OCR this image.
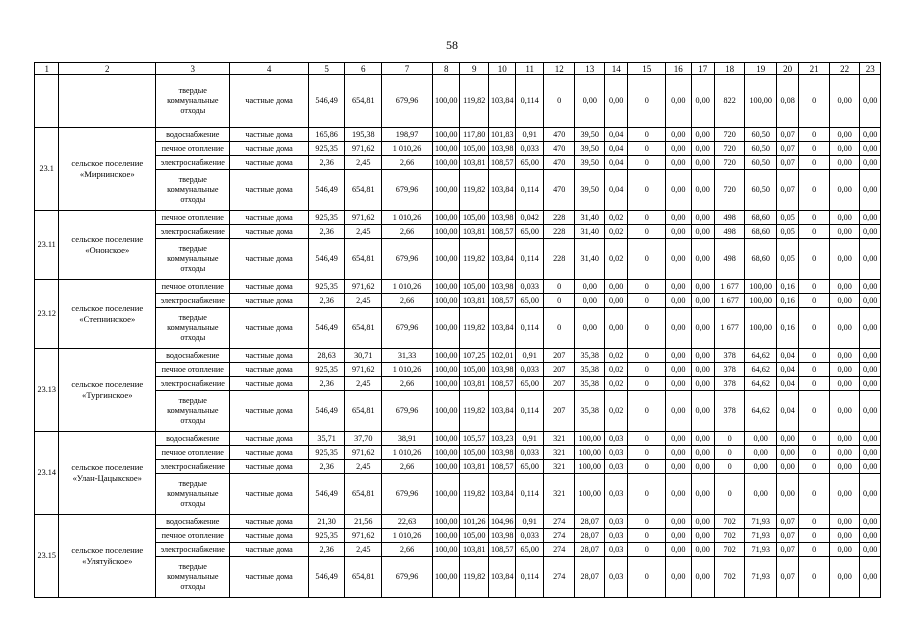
58
1	2	3	4	5	6	7	8	9	10	11	12	13	14	15	16	17	18	19	20	21	22	23
		твердые коммунальные отходы	частные дома	546,49	654,81	679,96	100,00	119,82	103,84	0,114	0	0,00	0,00	0	0,00	0,00	822	100,00	0,08	0	0,00	0,00
23.1	сельское поселение «Мирнинское»	водоснабжение	частные дома	165,86	195,38	198,97	100,00	117,80	101,83	0,91	470	39,50	0,04	0	0,00	0,00	720	60,50	0,07	0	0,00	0,00
		печное отопление	частные дома	925,35	971,62	1 010,26	100,00	105,00	103,98	0,033	470	39,50	0,04	0	0,00	0,00	720	60,50	0,07	0	0,00	0,00
		электроснабжение	частные дома	2,36	2,45	2,66	100,00	103,81	108,57	65,00	470	39,50	0,04	0	0,00	0,00	720	60,50	0,07	0	0,00	0,00
		твердые коммунальные отходы	частные дома	546,49	654,81	679,96	100,00	119,82	103,84	0,114	470	39,50	0,04	0	0,00	0,00	720	60,50	0,07	0	0,00	0,00
23.11	сельское поселение «Ононское»	печное отопление	частные дома	925,35	971,62	1 010,26	100,00	105,00	103,98	0,042	228	31,40	0,02	0	0,00	0,00	498	68,60	0,05	0	0,00	0,00
		электроснабжение	частные дома	2,36	2,45	2,66	100,00	103,81	108,57	65,00	228	31,40	0,02	0	0,00	0,00	498	68,60	0,05	0	0,00	0,00
		твердые коммунальные отходы	частные дома	546,49	654,81	679,96	100,00	119,82	103,84	0,114	228	31,40	0,02	0	0,00	0,00	498	68,60	0,05	0	0,00	0,00
23.12	сельское поселение «Степнинское»	печное отопление	частные дома	925,35	971,62	1 010,26	100,00	105,00	103,98	0,033	0	0,00	0,00	0	0,00	0,00	1 677	100,00	0,16	0	0,00	0,00
		электроснабжение	частные дома	2,36	2,45	2,66	100,00	103,81	108,57	65,00	0	0,00	0,00	0	0,00	0,00	1 677	100,00	0,16	0	0,00	0,00
		твердые коммунальные отходы	частные дома	546,49	654,81	679,96	100,00	119,82	103,84	0,114	0	0,00	0,00	0	0,00	0,00	1 677	100,00	0,16	0	0,00	0,00
23.13	сельское поселение «Тургинское»	водоснабжение	частные дома	28,63	30,71	31,33	100,00	107,25	102,01	0,91	207	35,38	0,02	0	0,00	0,00	378	64,62	0,04	0	0,00	0,00
		печное отопление	частные дома	925,35	971,62	1 010,26	100,00	105,00	103,98	0,033	207	35,38	0,02	0	0,00	0,00	378	64,62	0,04	0	0,00	0,00
		электроснабжение	частные дома	2,36	2,45	2,66	100,00	103,81	108,57	65,00	207	35,38	0,02	0	0,00	0,00	378	64,62	0,04	0	0,00	0,00
		твердые коммунальные отходы	частные дома	546,49	654,81	679,96	100,00	119,82	103,84	0,114	207	35,38	0,02	0	0,00	0,00	378	64,62	0,04	0	0,00	0,00
23.14	сельское поселение «Улан-Цацыкское»	водоснабжение	частные дома	35,71	37,70	38,91	100,00	105,57	103,23	0,91	321	100,00	0,03	0	0,00	0,00	0	0,00	0,00	0	0,00	0,00
		печное отопление	частные дома	925,35	971,62	1 010,26	100,00	105,00	103,98	0,033	321	100,00	0,03	0	0,00	0,00	0	0,00	0,00	0	0,00	0,00
		электроснабжение	частные дома	2,36	2,45	2,66	100,00	103,81	108,57	65,00	321	100,00	0,03	0	0,00	0,00	0	0,00	0,00	0	0,00	0,00
		твердые коммунальные отходы	частные дома	546,49	654,81	679,96	100,00	119,82	103,84	0,114	321	100,00	0,03	0	0,00	0,00	0	0,00	0,00	0	0,00	0,00
23.15	сельское поселение «Улятуйское»	водоснабжение	частные дома	21,30	21,56	22,63	100,00	101,26	104,96	0,91	274	28,07	0,03	0	0,00	0,00	702	71,93	0,07	0	0,00	0,00
		печное отопление	частные дома	925,35	971,62	1 010,26	100,00	105,00	103,98	0,033	274	28,07	0,03	0	0,00	0,00	702	71,93	0,07	0	0,00	0,00
		электроснабжение	частные дома	2,36	2,45	2,66	100,00	103,81	108,57	65,00	274	28,07	0,03	0	0,00	0,00	702	71,93	0,07	0	0,00	0,00
		твердые коммунальные отходы	частные дома	546,49	654,81	679,96	100,00	119,82	103,84	0,114	274	28,07	0,03	0	0,00	0,00	702	71,93	0,07	0	0,00	0,00
